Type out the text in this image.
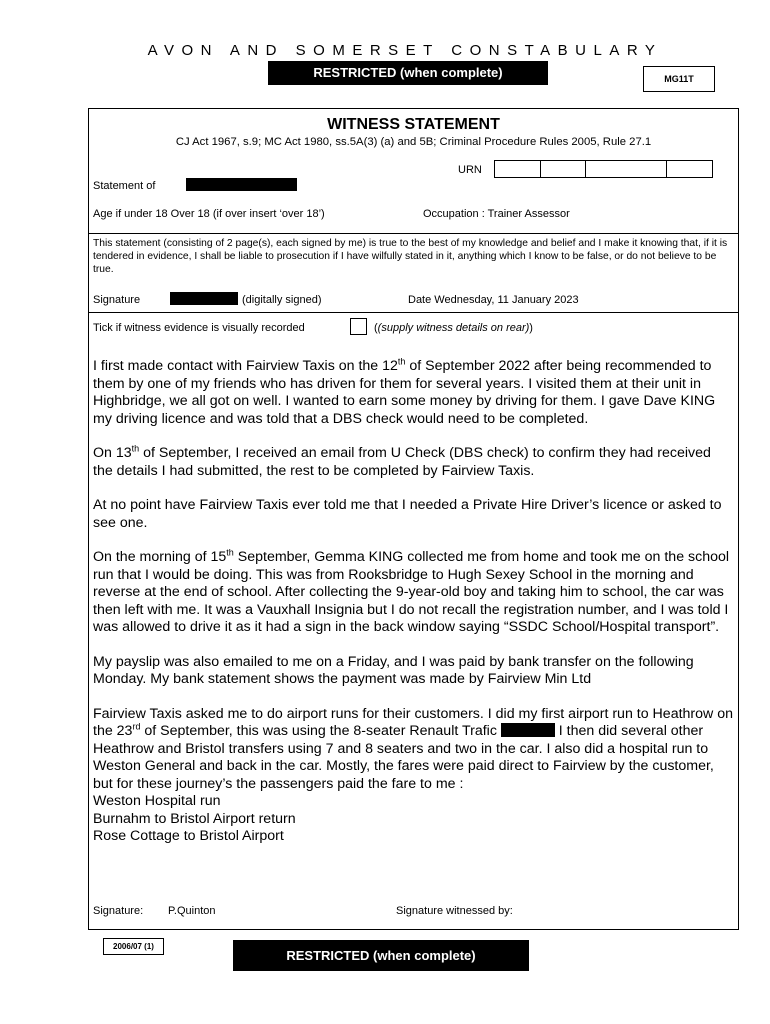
AVON AND SOMERSET CONSTABULARY
RESTRICTED (when complete)	MG11T
WITNESS STATEMENT
CJ Act 1967, s.9; MC Act 1980, ss.5A(3) (a) and 5B; Criminal Procedure Rules 2005, Rule 27.1
URN
Statement of
Age if under 18 Over 18 (if over insert ‘over 18’)	Occupation : Trainer Assessor
This statement (consisting of 2 page(s), each signed by me) is true to the best of my knowledge and belief and I make it knowing that, if it is tendered in evidence, I shall be liable to prosecution if I have wilfully stated in it, anything which I know to be false, or do not believe to be true.
Signature	(digitally signed)	Date Wednesday, 11 January 2023
Tick if witness evidence is visually recorded	((supply witness details on rear))

I first made contact with Fairview Taxis on the 12th of September 2022 after being recommended to them by one of my friends who has driven for them for several years. I visited them at their unit in Highbridge, we all got on well. I wanted to earn some money by driving for them. I gave Dave KING my driving licence and was told that a DBS check would need to be completed.

On 13th of September, I received an email from U Check (DBS check) to confirm they had received the details I had submitted, the rest to be completed by Fairview Taxis.

At no point have Fairview Taxis ever told me that I needed a Private Hire Driver’s licence or asked to see one.

On the morning of 15th September, Gemma KING collected me from home and took me on the school run that I would be doing. This was from Rooksbridge to Hugh Sexey School in the morning and reverse at the end of school. After collecting the 9-year-old boy and taking him to school, the car was then left with me. It was a Vauxhall Insignia but I do not recall the registration number, and I was told I was allowed to drive it as it had a sign in the back window saying “SSDC School/Hospital transport”.

My payslip was also emailed to me on a Friday, and I was paid by bank transfer on the following Monday. My bank statement shows the payment was made by Fairview Min Ltd

Fairview Taxis asked me to do airport runs for their customers. I did my first airport run to Heathrow on the 23rd of September, this was using the 8-seater Renault Trafic	I then did several other Heathrow and Bristol transfers using 7 and 8 seaters and two in the car. I also did a hospital run to Weston General and back in the car. Mostly, the fares were paid direct to Fairview by the customer, but for these journey’s the passengers paid the fare to me :

Weston Hospital run
Burnahm to Bristol Airport return
Rose Cottage to Bristol Airport
Signature: P.Quinton	Signature witnessed by:
2006/07 (1)
RESTRICTED (when complete)
